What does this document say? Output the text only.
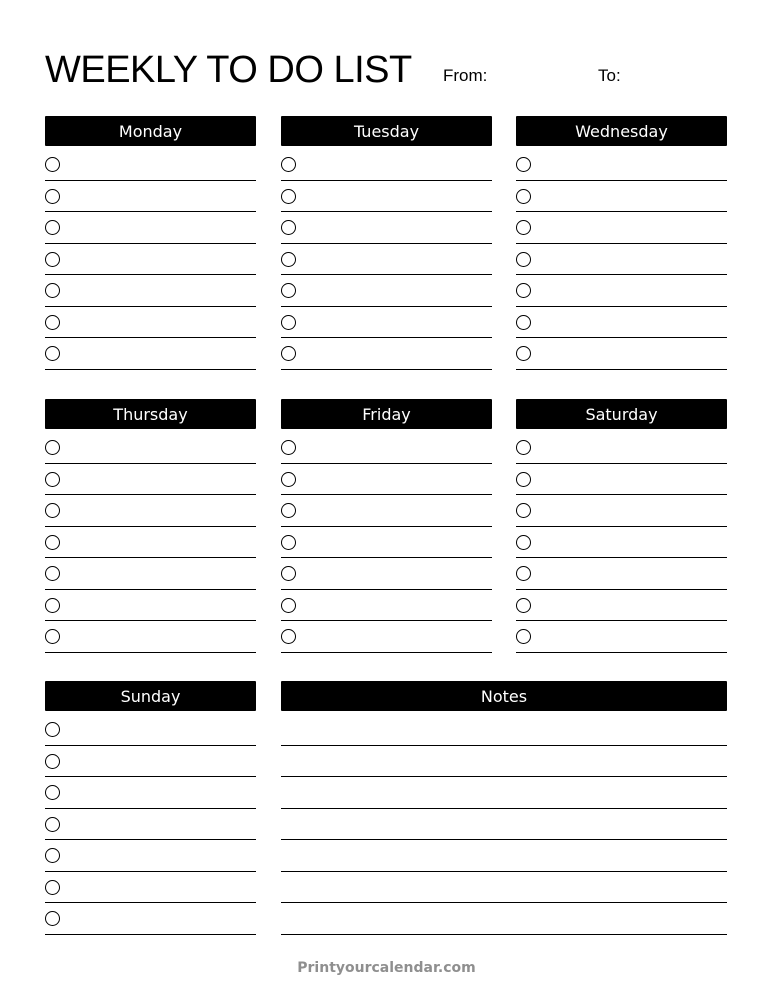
WEEKLY TO DO LIST From:	To:
Monday	Tuesday	Wednesday
Thursday	Friday	Saturday
Sunday	Notes
Printyourcalendar.com
